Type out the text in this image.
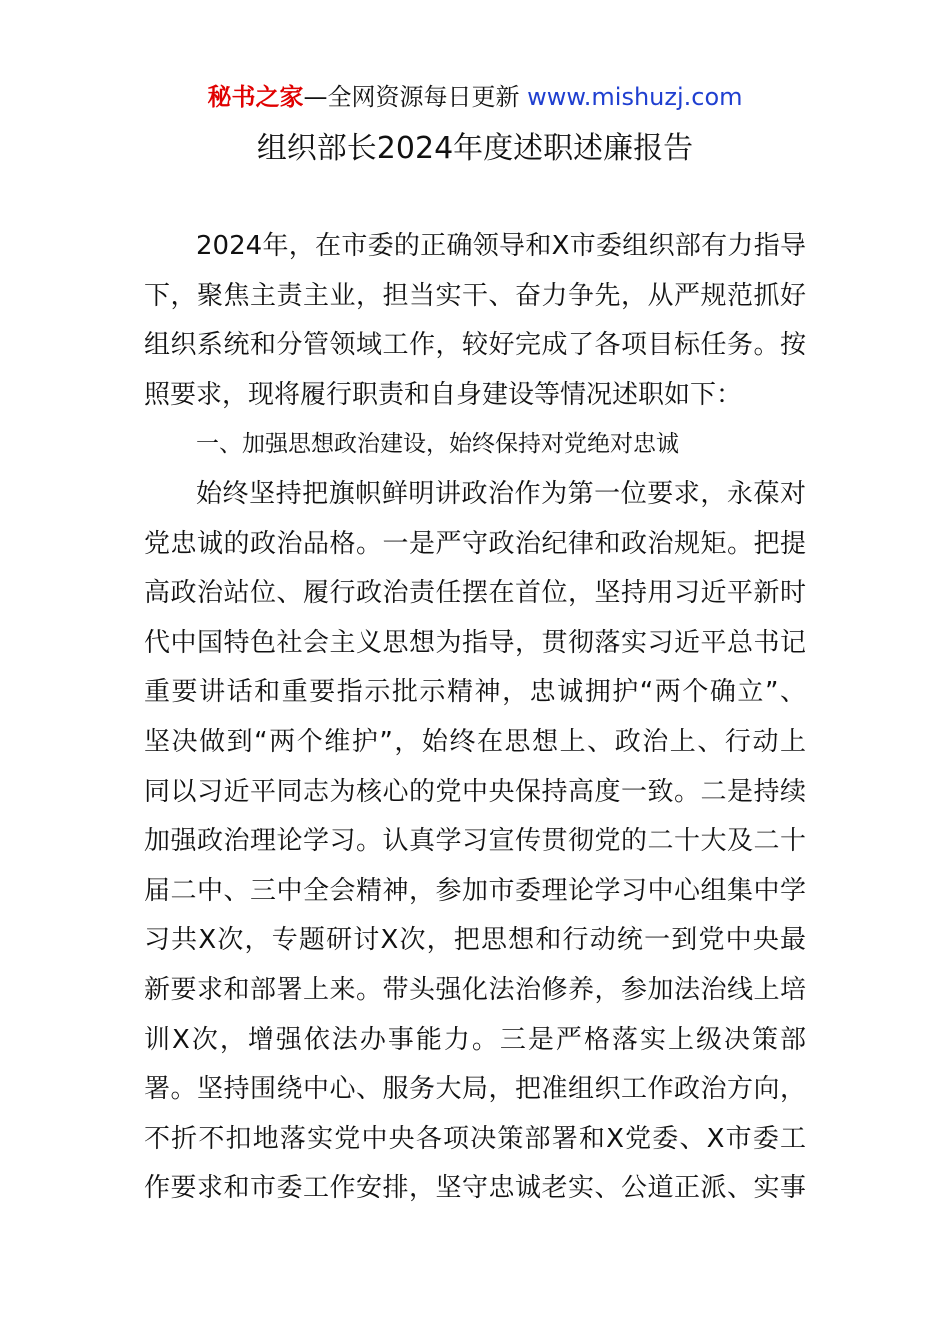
秘书之家—全网资源每日更新 www.mishuzj.com
组织部长2024年度述职述廉报告
2024年，在市委的正确领导和X市委组织部有力指导
下，聚焦主责主业，担当实干、奋力争先，从严规范抓好
组织系统和分管领域工作，较好完成了各项目标任务。按
照要求，现将履行职责和自身建设等情况述职如下：
一、加强思想政治建设，始终保持对党绝对忠诚
始终坚持把旗帜鲜明讲政治作为第一位要求，永葆对
党忠诚的政治品格。一是严守政治纪律和政治规矩。把提
高政治站位、履行政治责任摆在首位，坚持用习近平新时
代中国特色社会主义思想为指导，贯彻落实习近平总书记
重要讲话和重要指示批示精神，忠诚拥护“两个确立”、
坚决做到“两个维护”，始终在思想上、政治上、行动上
同以习近平同志为核心的党中央保持高度一致。二是持续
加强政治理论学习。认真学习宣传贯彻党的二十大及二十
届二中、三中全会精神，参加市委理论学习中心组集中学
习共X次，专题研讨X次，把思想和行动统一到党中央最
新要求和部署上来。带头强化法治修养，参加法治线上培
训X次，增强依法办事能力。三是严格落实上级决策部
署。坚持围绕中心、服务大局，把准组织工作政治方向，
不折不扣地落实党中央各项决策部署和X党委、X市委工
作要求和市委工作安排，坚守忠诚老实、公道正派、实事
